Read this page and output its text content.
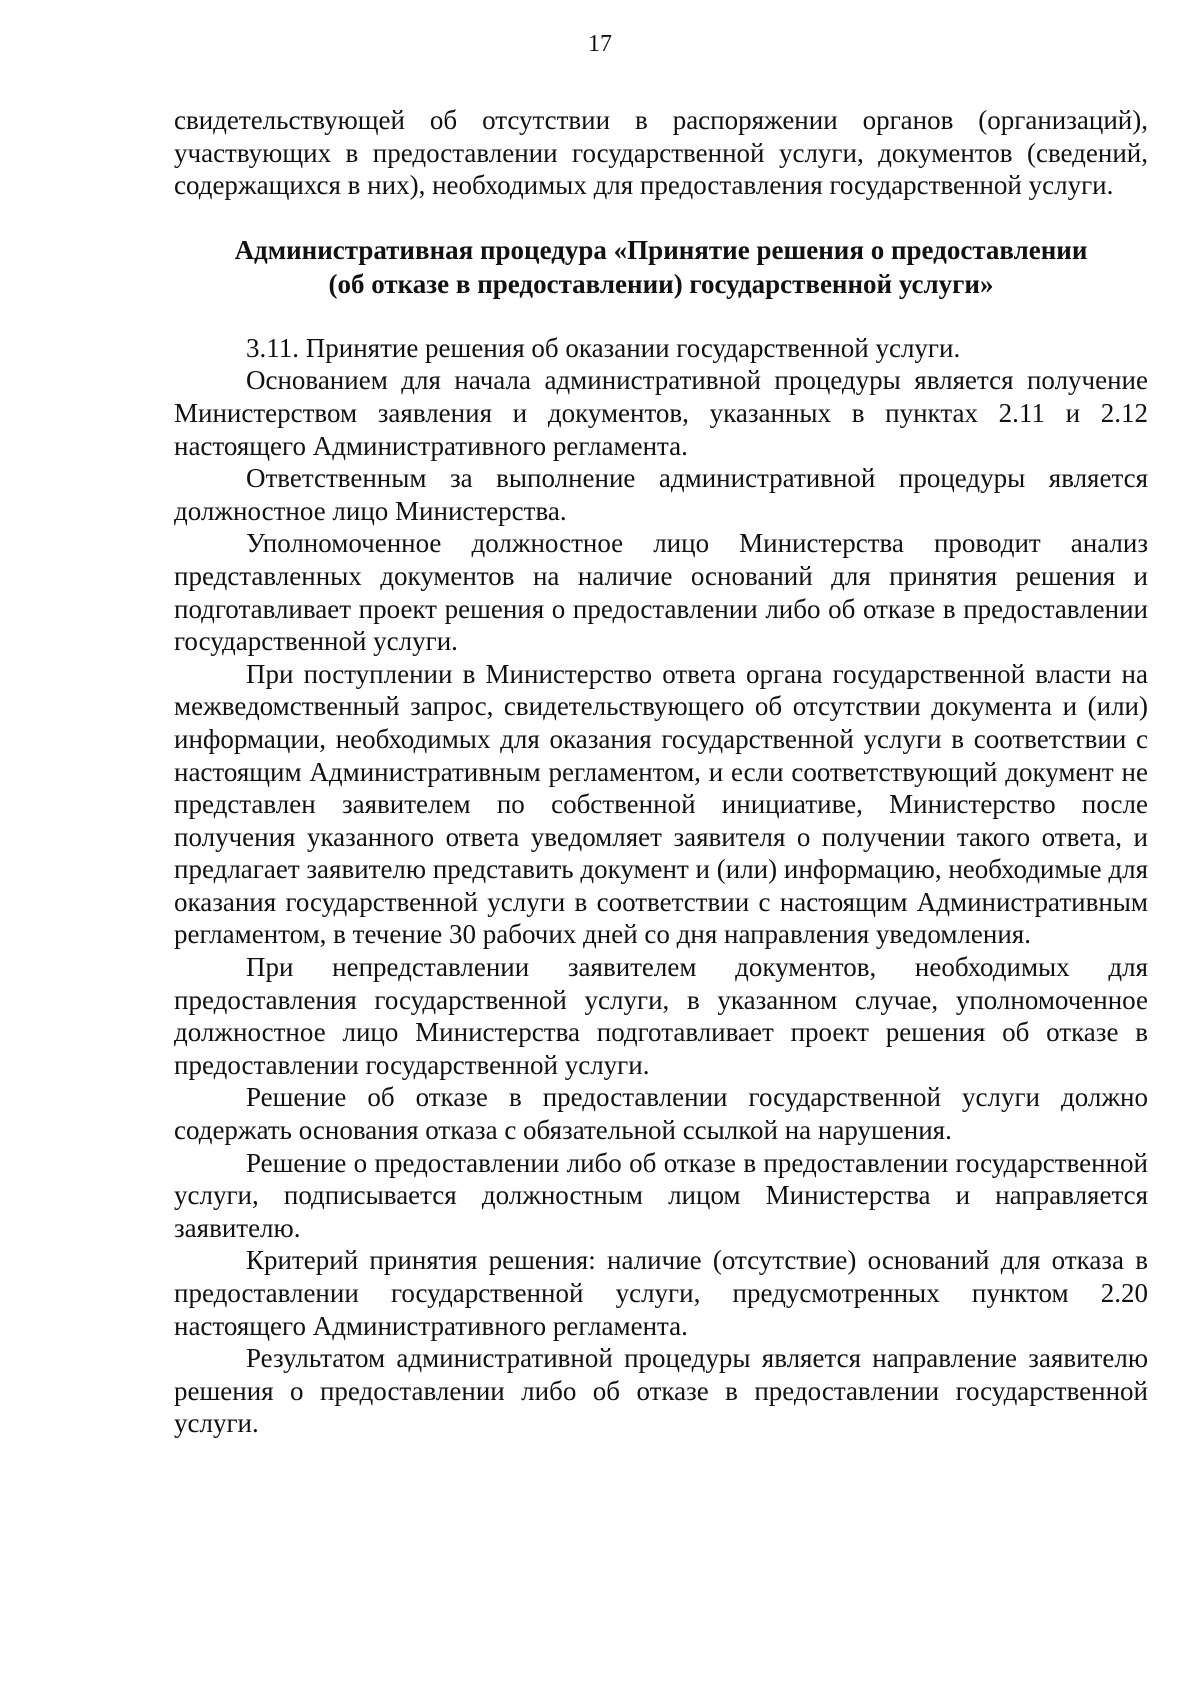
17

свидетельствующей об отсутствии в распоряжении органов (организаций), участвующих в предоставлении государственной услуги, документов (сведений, содержащихся в них), необходимых для предоставления государственной услуги.

Административная процедура «Принятие решения о предоставлении
(об отказе в предоставлении) государственной услуги»

3.11. Принятие решения об оказании государственной услуги.

Основанием для начала административной процедуры является получение Министерством заявления и документов, указанных в пунктах 2.11 и 2.12 настоящего Административного регламента.

Ответственным за выполнение административной процедуры является должностное лицо Министерства.

Уполномоченное должностное лицо Министерства проводит анализ представленных документов на наличие оснований для принятия решения и подготавливает проект решения о предоставлении либо об отказе в предоставлении государственной услуги.

При поступлении в Министерство ответа органа государственной власти на межведомственный запрос, свидетельствующего об отсутствии документа и (или) информации, необходимых для оказания государственной услуги в соответствии с настоящим Административным регламентом, и если соответствующий документ не представлен заявителем по собственной инициативе, Министерство после получения указанного ответа уведомляет заявителя о получении такого ответа, и предлагает заявителю представить документ и (или) информацию, необходимые для оказания государственной услуги в соответствии с настоящим Административным регламентом, в течение 30 рабочих дней со дня направления уведомления.

При непредставлении заявителем документов, необходимых для предоставления государственной услуги, в указанном случае, уполномоченное должностное лицо Министерства подготавливает проект решения об отказе в предоставлении государственной услуги.

Решение об отказе в предоставлении государственной услуги должно содержать основания отказа с обязательной ссылкой на нарушения.

Решение о предоставлении либо об отказе в предоставлении государственной услуги, подписывается должностным лицом Министерства и направляется заявителю.

Критерий принятия решения: наличие (отсутствие) оснований для отказа в предоставлении государственной услуги, предусмотренных пунктом 2.20 настоящего Административного регламента.

Результатом административной процедуры является направление заявителю решения о предоставлении либо об отказе в предоставлении государственной услуги.
